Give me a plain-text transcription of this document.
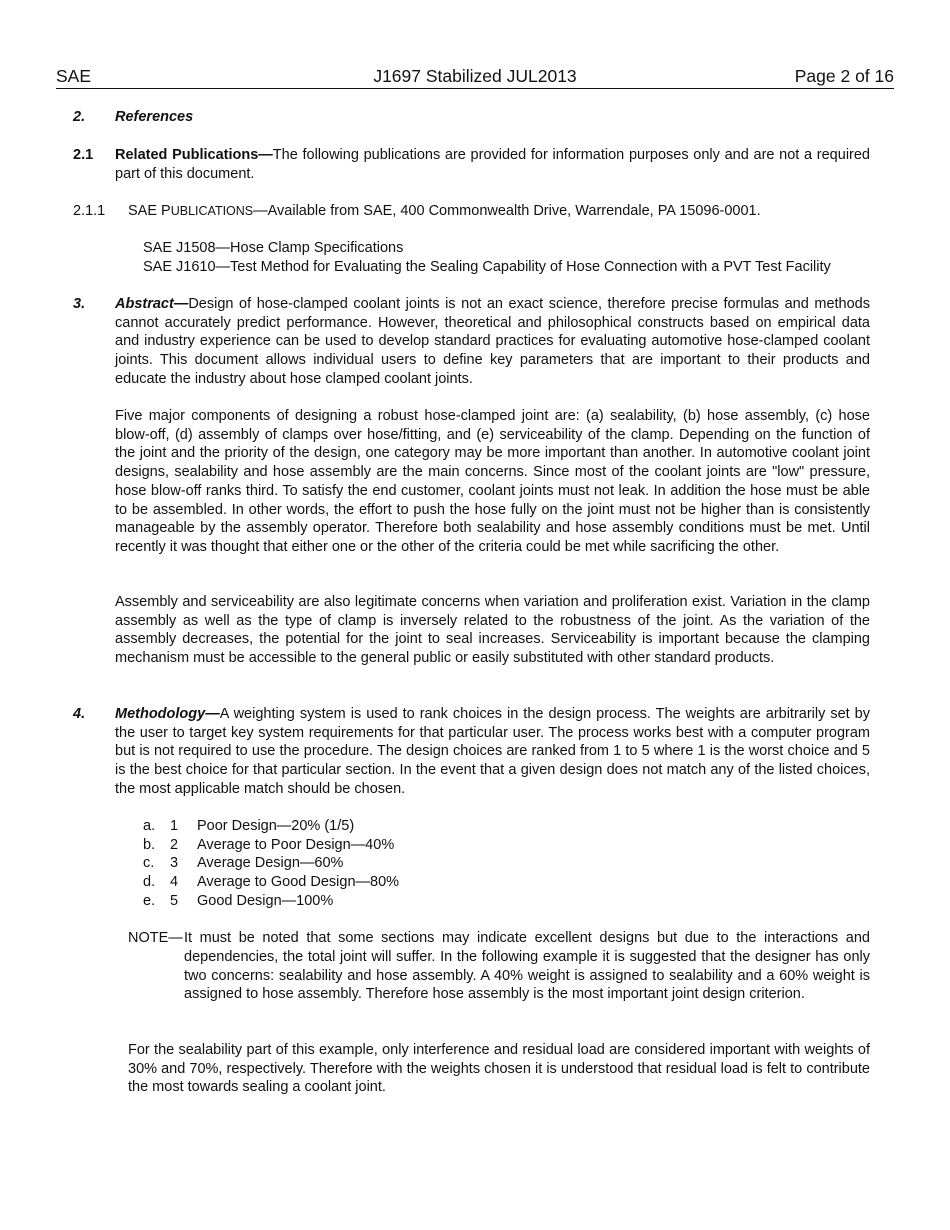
SAE	J1697 Stabilized JUL2013	Page 2 of 16
2. References
2.1 Related Publications—The following publications are provided for information purposes only and are not a required part of this document.
2.1.1 SAE PUBLICATIONS—Available from SAE, 400 Commonwealth Drive, Warrendale, PA 15096-0001.
SAE J1508—Hose Clamp Specifications
SAE J1610—Test Method for Evaluating the Sealing Capability of Hose Connection with a PVT Test Facility
3. Abstract—Design of hose-clamped coolant joints is not an exact science, therefore precise formulas and methods cannot accurately predict performance. However, theoretical and philosophical constructs based on empirical data and industry experience can be used to develop standard practices for evaluating automotive hose-clamped coolant joints. This document allows individual users to define key parameters that are important to their products and educate the industry about hose clamped coolant joints.
Five major components of designing a robust hose-clamped joint are: (a) sealability, (b) hose assembly, (c) hose blow-off, (d) assembly of clamps over hose/fitting, and (e) serviceability of the clamp. Depending on the function of the joint and the priority of the design, one category may be more important than another. In automotive coolant joint designs, sealability and hose assembly are the main concerns. Since most of the coolant joints are "low" pressure, hose blow-off ranks third. To satisfy the end customer, coolant joints must not leak. In addition the hose must be able to be assembled. In other words, the effort to push the hose fully on the joint must not be higher than is consistently manageable by the assembly operator. Therefore both sealability and hose assembly conditions must be met. Until recently it was thought that either one or the other of the criteria could be met while sacrificing the other.
Assembly and serviceability are also legitimate concerns when variation and proliferation exist. Variation in the clamp assembly as well as the type of clamp is inversely related to the robustness of the joint. As the variation of the assembly decreases, the potential for the joint to seal increases. Serviceability is important because the clamping mechanism must be accessible to the general public or easily substituted with other standard products.
4. Methodology—A weighting system is used to rank choices in the design process. The weights are arbitrarily set by the user to target key system requirements for that particular user. The process works best with a computer program but is not required to use the procedure. The design choices are ranked from 1 to 5 where 1 is the worst choice and 5 is the best choice for that particular section. In the event that a given design does not match any of the listed choices, the most applicable match should be chosen.
a. 1 Poor Design—20% (1/5)
b. 2 Average to Poor Design—40%
c. 3 Average Design—60%
d. 4 Average to Good Design—80%
e. 5 Good Design—100%
NOTE— It must be noted that some sections may indicate excellent designs but due to the interactions and
dependencies, the total joint will suffer. In the following example it is suggested that the designer has only two concerns: sealability and hose assembly. A 40% weight is assigned to sealability and a 60% weight is assigned to hose assembly. Therefore hose assembly is the most important joint design criterion.
For the sealability part of this example, only interference and residual load are considered important with weights of 30% and 70%, respectively. Therefore with the weights chosen it is understood that residual load is felt to contribute the most towards sealing a coolant joint.
